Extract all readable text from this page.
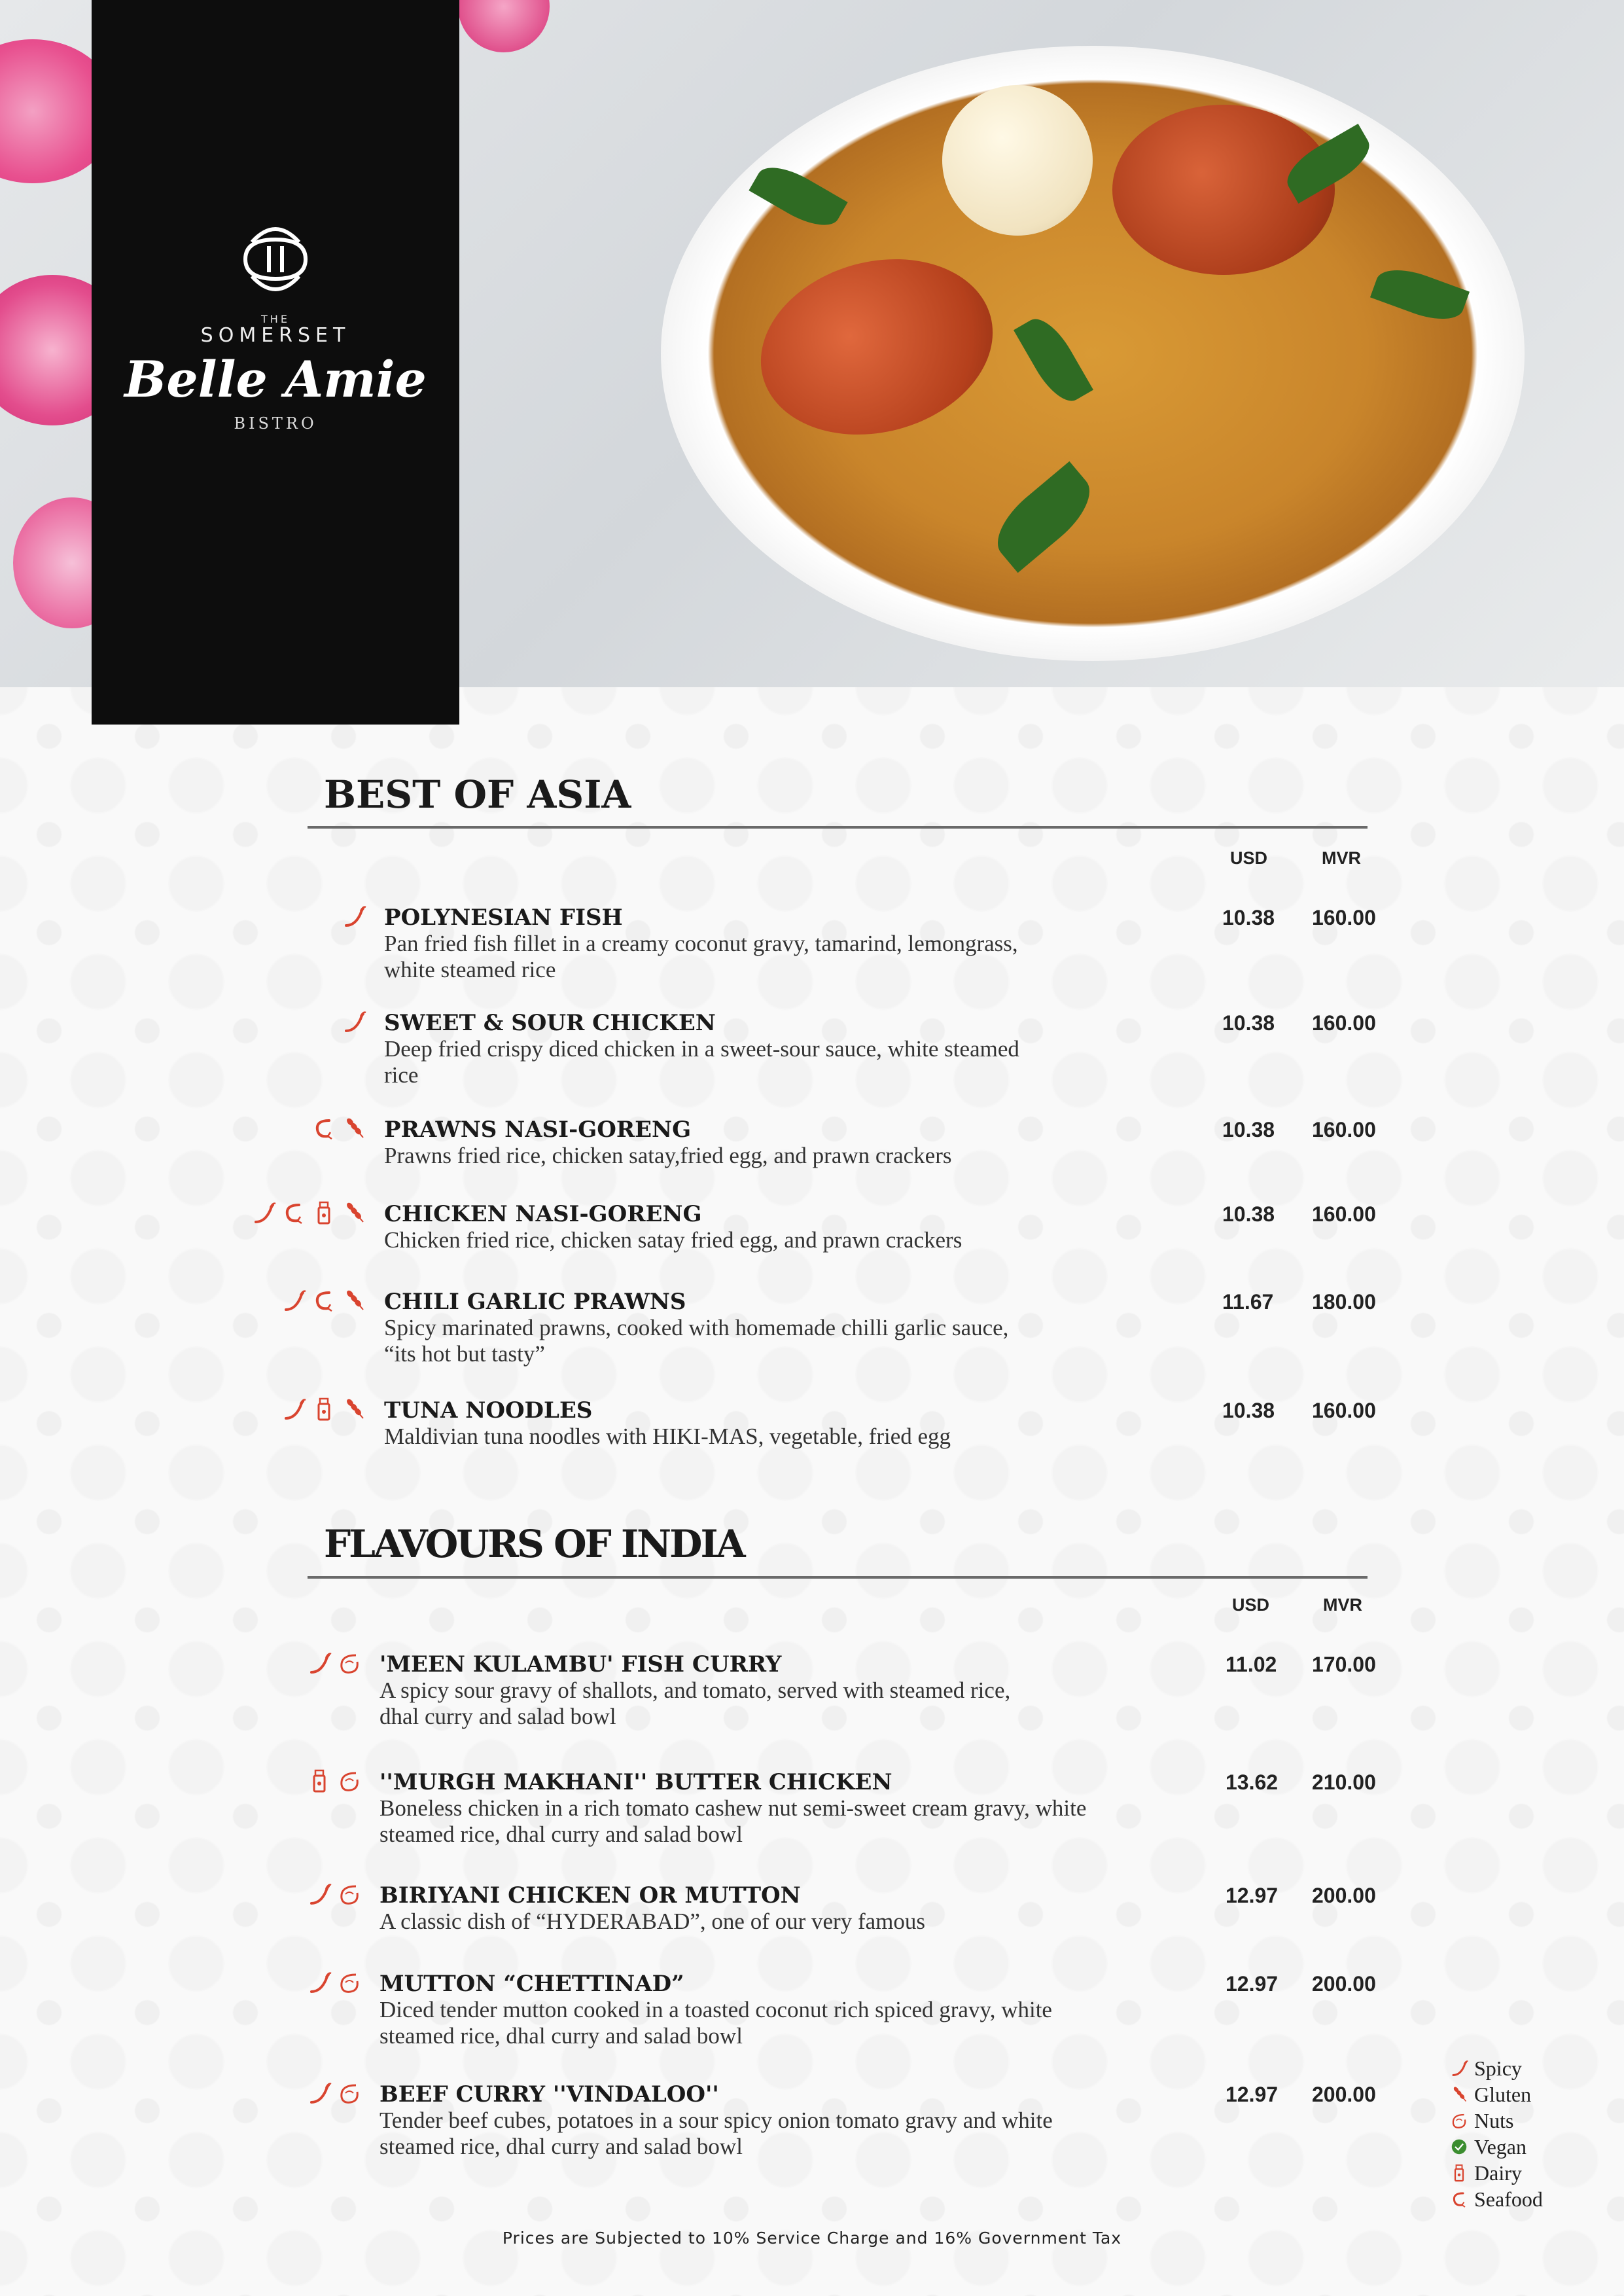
THE
SOMERSET
Belle Amie
BISTRO
BEST OF ASIA
USD	MVR
POLYNESIAN FISH
Pan fried fish fillet in a creamy coconut gravy, tamarind, lemongrass,
white steamed rice
10.38 160.00
SWEET & SOUR CHICKEN
Deep fried crispy diced chicken in a sweet-sour sauce, white steamed
rice
10.38 160.00
PRAWNS NASI-GORENG
Prawns fried rice, chicken satay,fried egg, and prawn crackers
10.38 160.00
CHICKEN NASI-GORENG
Chicken fried rice, chicken satay fried egg, and prawn crackers
10.38 160.00
CHILI GARLIC PRAWNS
Spicy marinated prawns, cooked with homemade chilli garlic sauce,
“its hot but tasty”
11.67 180.00
TUNA NOODLES
Maldivian tuna noodles with HIKI-MAS, vegetable, fried egg
10.38 160.00
FLAVOURS OF INDIA
USD	MVR
'MEEN KULAMBU' FISH CURRY
A spicy sour gravy of shallots, and tomato, served with steamed rice,
dhal curry and salad bowl
11.02 170.00
''MURGH MAKHANI'' BUTTER CHICKEN
Boneless chicken in a rich tomato cashew nut semi-sweet cream gravy, white
steamed rice, dhal curry and salad bowl
13.62 210.00
BIRIYANI CHICKEN OR MUTTON
A classic dish of “HYDERABAD”, one of our very famous
12.97 200.00
MUTTON “CHETTINAD”
Diced tender mutton cooked in a toasted coconut rich spiced gravy, white
steamed rice, dhal curry and salad bowl
12.97 200.00
BEEF CURRY ''VINDALOO''
Tender beef cubes, potatoes in a sour spicy onion tomato gravy and white
steamed rice, dhal curry and salad bowl
12.97 200.00
Spicy
Gluten
Nuts
Vegan
Dairy
Seafood
Prices are Subjected to 10% Service Charge and 16% Government Tax
